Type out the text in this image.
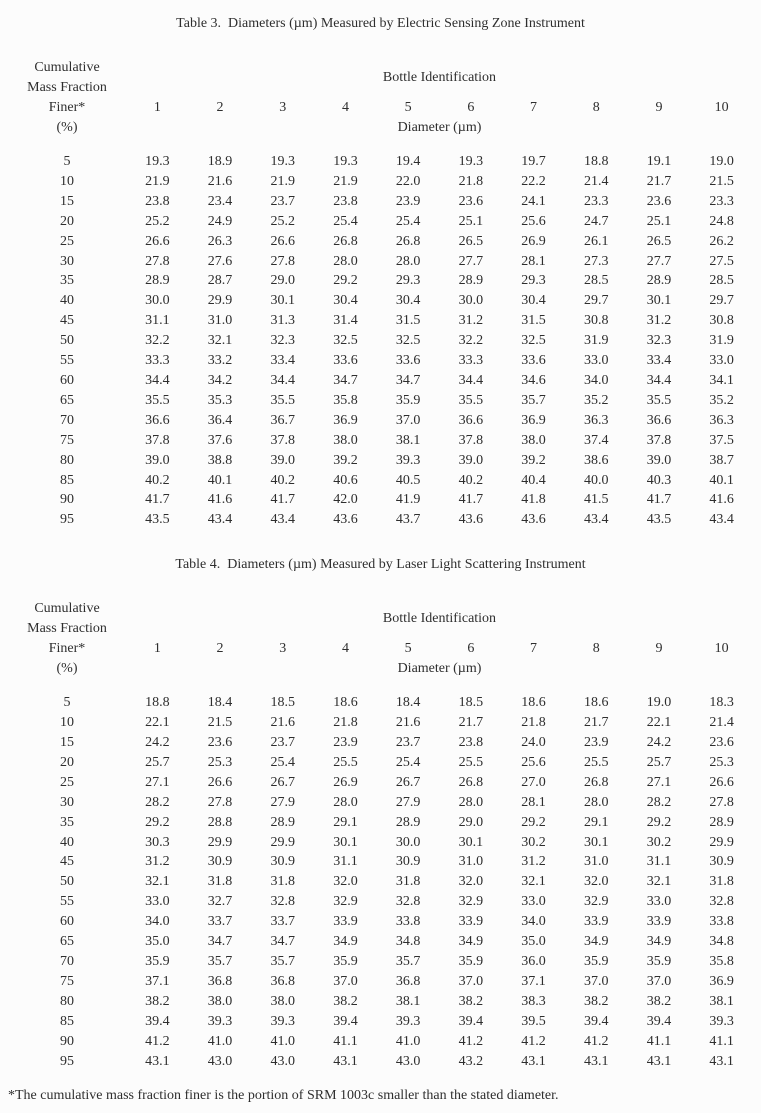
Table 3.  Diameters (µm) Measured by Electric Sensing Zone Instrument
Cumulative
Mass Fraction
Finer*
(%)
Bottle Identification
1	2	3	4	5	6	7	8	9	10
Diameter (µm)
5	19.3	18.9	19.3	19.3	19.4	19.3	19.7	18.8	19.1	19.0
10	21.9	21.6	21.9	21.9	22.0	21.8	22.2	21.4	21.7	21.5
15	23.8	23.4	23.7	23.8	23.9	23.6	24.1	23.3	23.6	23.3
20	25.2	24.9	25.2	25.4	25.4	25.1	25.6	24.7	25.1	24.8
25	26.6	26.3	26.6	26.8	26.8	26.5	26.9	26.1	26.5	26.2
30	27.8	27.6	27.8	28.0	28.0	27.7	28.1	27.3	27.7	27.5
35	28.9	28.7	29.0	29.2	29.3	28.9	29.3	28.5	28.9	28.5
40	30.0	29.9	30.1	30.4	30.4	30.0	30.4	29.7	30.1	29.7
45	31.1	31.0	31.3	31.4	31.5	31.2	31.5	30.8	31.2	30.8
50	32.2	32.1	32.3	32.5	32.5	32.2	32.5	31.9	32.3	31.9
55	33.3	33.2	33.4	33.6	33.6	33.3	33.6	33.0	33.4	33.0
60	34.4	34.2	34.4	34.7	34.7	34.4	34.6	34.0	34.4	34.1
65	35.5	35.3	35.5	35.8	35.9	35.5	35.7	35.2	35.5	35.2
70	36.6	36.4	36.7	36.9	37.0	36.6	36.9	36.3	36.6	36.3
75	37.8	37.6	37.8	38.0	38.1	37.8	38.0	37.4	37.8	37.5
80	39.0	38.8	39.0	39.2	39.3	39.0	39.2	38.6	39.0	38.7
85	40.2	40.1	40.2	40.6	40.5	40.2	40.4	40.0	40.3	40.1
90	41.7	41.6	41.7	42.0	41.9	41.7	41.8	41.5	41.7	41.6
95	43.5	43.4	43.4	43.6	43.7	43.6	43.6	43.4	43.5	43.4
Table 4.  Diameters (µm) Measured by Laser Light Scattering Instrument
Cumulative
Mass Fraction
Finer*
(%)
Bottle Identification
1	2	3	4	5	6	7	8	9	10
Diameter (µm)
5	18.8	18.4	18.5	18.6	18.4	18.5	18.6	18.6	19.0	18.3
10	22.1	21.5	21.6	21.8	21.6	21.7	21.8	21.7	22.1	21.4
15	24.2	23.6	23.7	23.9	23.7	23.8	24.0	23.9	24.2	23.6
20	25.7	25.3	25.4	25.5	25.4	25.5	25.6	25.5	25.7	25.3
25	27.1	26.6	26.7	26.9	26.7	26.8	27.0	26.8	27.1	26.6
30	28.2	27.8	27.9	28.0	27.9	28.0	28.1	28.0	28.2	27.8
35	29.2	28.8	28.9	29.1	28.9	29.0	29.2	29.1	29.2	28.9
40	30.3	29.9	29.9	30.1	30.0	30.1	30.2	30.1	30.2	29.9
45	31.2	30.9	30.9	31.1	30.9	31.0	31.2	31.0	31.1	30.9
50	32.1	31.8	31.8	32.0	31.8	32.0	32.1	32.0	32.1	31.8
55	33.0	32.7	32.8	32.9	32.8	32.9	33.0	32.9	33.0	32.8
60	34.0	33.7	33.7	33.9	33.8	33.9	34.0	33.9	33.9	33.8
65	35.0	34.7	34.7	34.9	34.8	34.9	35.0	34.9	34.9	34.8
70	35.9	35.7	35.7	35.9	35.7	35.9	36.0	35.9	35.9	35.8
75	37.1	36.8	36.8	37.0	36.8	37.0	37.1	37.0	37.0	36.9
80	38.2	38.0	38.0	38.2	38.1	38.2	38.3	38.2	38.2	38.1
85	39.4	39.3	39.3	39.4	39.3	39.4	39.5	39.4	39.4	39.3
90	41.2	41.0	41.0	41.1	41.0	41.2	41.2	41.2	41.1	41.1
95	43.1	43.0	43.0	43.1	43.0	43.2	43.1	43.1	43.1	43.1

*The cumulative mass fraction finer is the portion of SRM 1003c smaller than the stated diameter.
